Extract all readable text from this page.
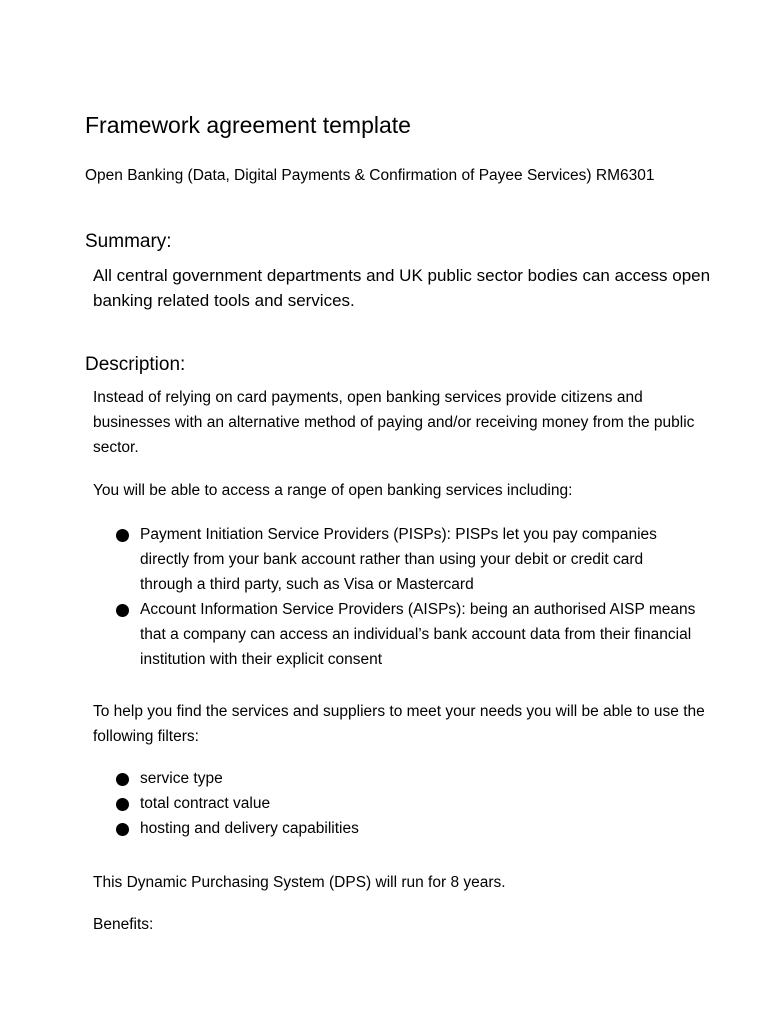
Framework agreement template

Open Banking (Data, Digital Payments & Confirmation of Payee Services) RM6301

Summary:

All central government departments and UK public sector bodies can access open banking related tools and services.

Description:

Instead of relying on card payments, open banking services provide citizens and businesses with an alternative method of paying and/or receiving money from the public sector.

You will be able to access a range of open banking services including:

Payment Initiation Service Providers (PISPs): PISPs let you pay companies directly from your bank account rather than using your debit or credit card through a third party, such as Visa or Mastercard
Account Information Service Providers (AISPs): being an authorised AISP means that a company can access an individual’s bank account data from their financial institution with their explicit consent

To help you find the services and suppliers to meet your needs you will be able to use the following filters:

service type
total contract value
hosting and delivery capabilities

This Dynamic Purchasing System (DPS) will run for 8 years.

Benefits:
